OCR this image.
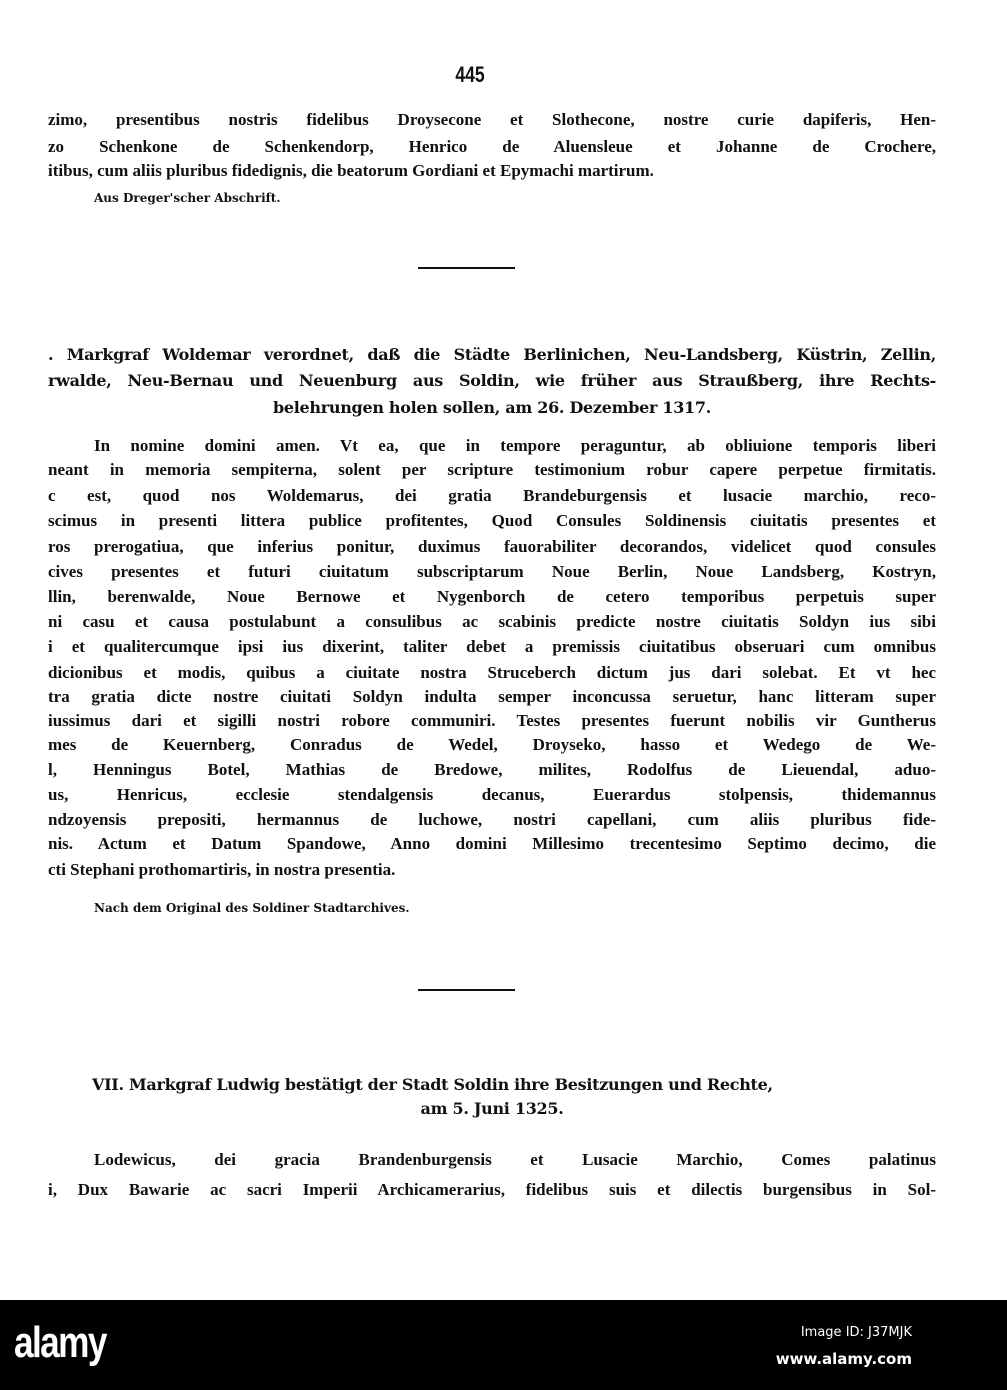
445
zimo, presentibus nostris fidelibus Droysecone et Slothecone, nostre curie dapiferis, Hen-
zo Schenkone de Schenkendorp, Henrico de Aluensleue et Johanne de Crochere,
itibus, cum aliis pluribus fidedignis, die beatorum Gordiani et Epymachi martirum.
Aus Dreger'scher Abschrift.
. Markgraf Woldemar verordnet, daß die Städte Berlinichen, Neu-Landsberg, Küstrin, Zellin,
rwalde, Neu-Bernau und Neuenburg aus Soldin, wie früher aus Straußberg, ihre Rechts-
belehrungen holen sollen, am 26. Dezember 1317.
In nomine domini amen. Vt ea, que in tempore peraguntur, ab obliuione temporis liberi
neant in memoria sempiterna, solent per scripture testimonium robur capere perpetue firmitatis.
c est, quod nos Woldemarus, dei gratia Brandeburgensis et lusacie marchio, reco-
scimus in presenti littera publice profitentes, Quod Consules Soldinensis ciuitatis presentes et
ros prerogatiua, que inferius ponitur, duximus fauorabiliter decorandos, videlicet quod consules
cives presentes et futuri ciuitatum subscriptarum Noue Berlin, Noue Landsberg, Kostryn,
llin, berenwalde, Noue Bernowe et Nygenborch de cetero temporibus perpetuis super
ni casu et causa postulabunt a consulibus ac scabinis predicte nostre ciuitatis Soldyn ius sibi
i et qualitercumque ipsi ius dixerint, taliter debet a premissis ciuitatibus obseruari cum omnibus
dicionibus et modis, quibus a ciuitate nostra Struceberch dictum jus dari solebat. Et vt hec
tra gratia dicte nostre ciuitati Soldyn indulta semper inconcussa seruetur, hanc litteram super
iussimus dari et sigilli nostri robore communiri. Testes presentes fuerunt nobilis vir Guntherus
mes de Keuernberg, Conradus de Wedel, Droyseko, hasso et Wedego de We-
l, Henningus Botel, Mathias de Bredowe, milites, Rodolfus de Lieuendal, aduo-
us, Henricus, ecclesie stendalgensis decanus, Euerardus stolpensis, thidemannus
ndzoyensis prepositi, hermannus de luchowe, nostri capellani, cum aliis pluribus fide-
nis. Actum et Datum Spandowe, Anno domini Millesimo trecentesimo Septimo decimo, die
cti Stephani prothomartiris, in nostra presentia.
Nach dem Original des Soldiner Stadtarchives.
VII. Markgraf Ludwig bestätigt der Stadt Soldin ihre Besitzungen und Rechte,
am 5. Juni 1325.
Lodewicus, dei gracia Brandenburgensis et Lusacie Marchio, Comes palatinus
i, Dux Bawarie ac sacri Imperii Archicamerarius, fidelibus suis et dilectis burgensibus in Sol-
alamy	Image ID: J37MJK
www.alamy.com
